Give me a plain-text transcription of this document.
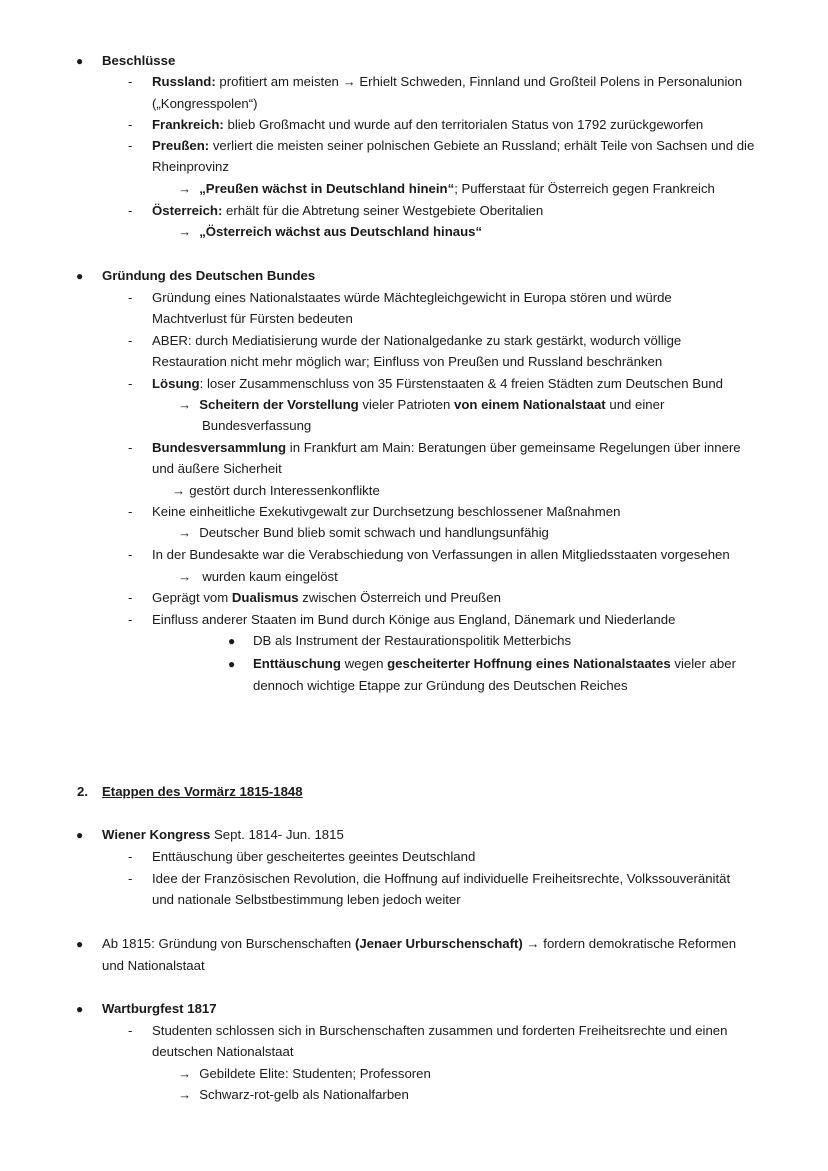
● Beschlüsse
- Russland: profitiert am meisten → Erhielt Schweden, Finnland und Großteil Polens in Personalunion
(„Kongresspolen“)
- Frankreich: blieb Großmacht und wurde auf den territorialen Status von 1792 zurückgeworfen
- Preußen: verliert die meisten seiner polnischen Gebiete an Russland; erhält Teile von Sachsen und die
Rheinprovinz
→ „Preußen wächst in Deutschland hinein“; Pufferstaat für Österreich gegen Frankreich
- Österreich: erhält für die Abtretung seiner Westgebiete Oberitalien
→ „Österreich wächst aus Deutschland hinaus“
● Gründung des Deutschen Bundes
- Gründung eines Nationalstaates würde Mächtegleichgewicht in Europa stören und würde
Machtverlust für Fürsten bedeuten
- ABER: durch Mediatisierung wurde der Nationalgedanke zu stark gestärkt, wodurch völlige
Restauration nicht mehr möglich war; Einfluss von Preußen und Russland beschränken
- Lösung: loser Zusammenschluss von 35 Fürstenstaaten & 4 freien Städten zum Deutschen Bund
→ Scheitern der Vorstellung vieler Patrioten von einem Nationalstaat und einer
Bundesverfassung
- Bundesversammlung in Frankfurt am Main: Beratungen über gemeinsame Regelungen über innere
und äußere Sicherheit
→ gestört durch Interessenkonflikte
- Keine einheitliche Exekutivgewalt zur Durchsetzung beschlossener Maßnahmen
→ Deutscher Bund blieb somit schwach und handlungsunfähig
- In der Bundesakte war die Verabschiedung von Verfassungen in allen Mitgliedsstaaten vorgesehen
→ wurden kaum eingelöst
- Geprägt vom Dualismus zwischen Österreich und Preußen
- Einfluss anderer Staaten im Bund durch Könige aus England, Dänemark und Niederlande
● DB als Instrument der Restaurationspolitik Metterbichs
● Enttäuschung wegen gescheiterter Hoffnung eines Nationalstaates vieler aber
dennoch wichtige Etappe zur Gründung des Deutschen Reiches
2. Etappen des Vormärz 1815-1848
● Wiener Kongress Sept. 1814- Jun. 1815
- Enttäuschung über gescheitertes geeintes Deutschland
- Idee der Französischen Revolution, die Hoffnung auf individuelle Freiheitsrechte, Volkssouveränität
und nationale Selbstbestimmung leben jedoch weiter
● Ab 1815: Gründung von Burschenschaften (Jenaer Urburschenschaft) → fordern demokratische Reformen
und Nationalstaat
● Wartburgfest 1817
- Studenten schlossen sich in Burschenschaften zusammen und forderten Freiheitsrechte und einen
deutschen Nationalstaat
→ Gebildete Elite: Studenten; Professoren
→ Schwarz-rot-gelb als Nationalfarben
